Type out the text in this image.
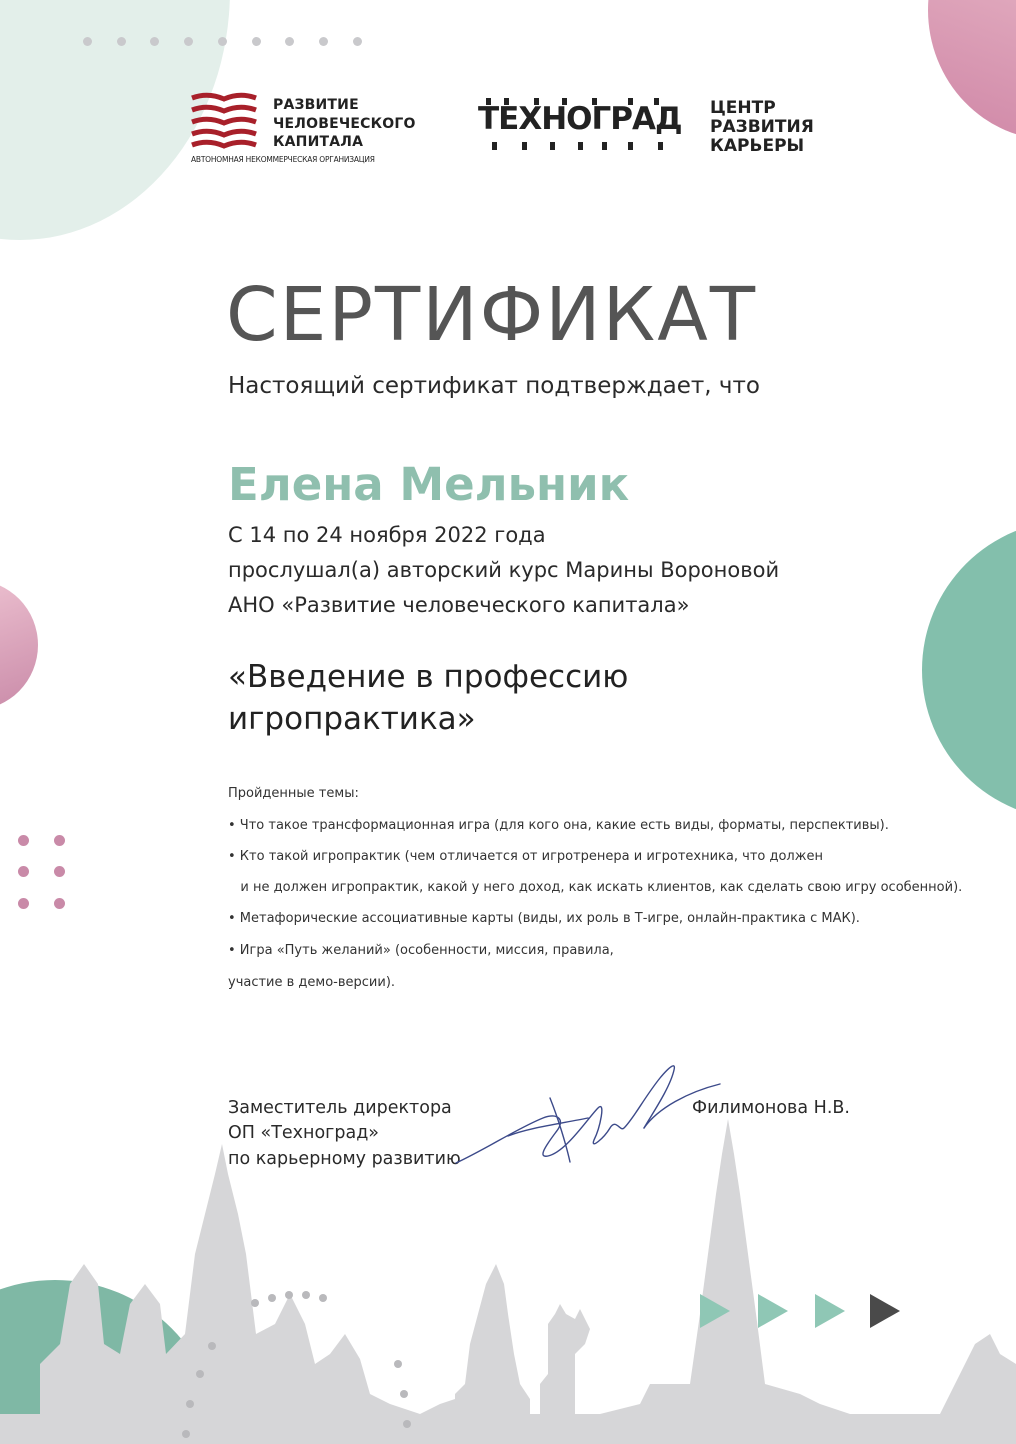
РАЗВИТИЕ
ЧЕЛОВЕЧЕСКОГО
КАПИТАЛА
АВТОНОМНАЯ НЕКОММЕРЧЕСКАЯ ОРГАНИЗАЦИЯ
ТЕХНОГРАД ЦЕНТР
РАЗВИТИЯ
КАРЬЕРЫ
СЕРТИФИКАТ
Настоящий сертификат подтверждает, что
Елена Мельник
С 14 по 24 ноября 2022 года
прослушал(а) авторский курс Марины Вороновой
АНО «Развитие человеческого капитала»
«Введение в профессию
игропрактика»
Пройденные темы:
• Что такое трансформационная игра (для кого она, какие есть виды, форматы, перспективы).
• Кто такой игропрактик (чем отличается от игротренера и игротехника, что должен
и не должен игропрактик, какой у него доход, как искать клиентов, как сделать свою игру особенной).
• Метафорические ассоциативные карты (виды, их роль в Т-игре, онлайн-практика с МАК).
• Игра «Путь желаний» (особенности, миссия, правила,
участие в демо-версии).
Заместитель директора
ОП «Техноград»
по карьерному развитию
Филимонова Н.В.
